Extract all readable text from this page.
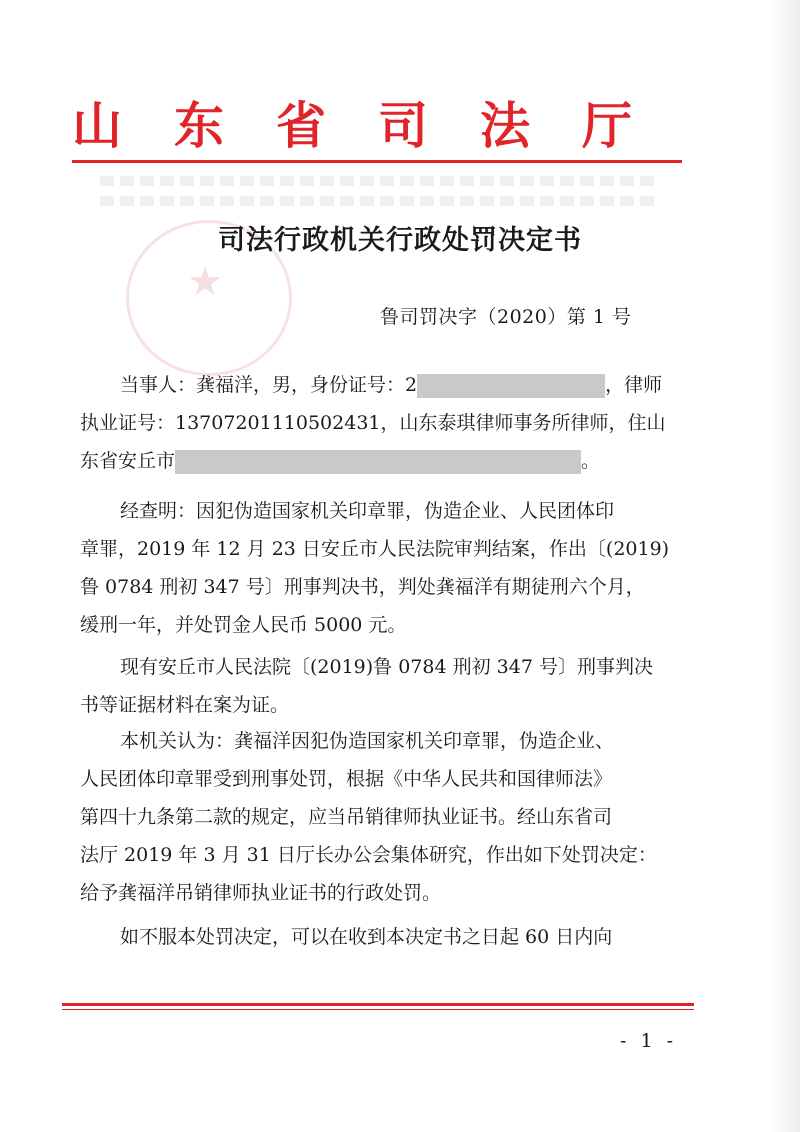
★
山 东 省 司 法 厅
司法行政机关行政处罚决定书
鲁司罚决字（2020）第 1 号
当事人：龚福洋，男，身份证号：2	，律师
执业证号：13707201110502431，山东泰琪律师事务所律师，住山
东省安丘市	。
经查明：因犯伪造国家机关印章罪，伪造企业、人民团体印
章罪，2019 年 12 月 23 日安丘市人民法院审判结案，作出〔(2019)
鲁 0784 刑初 347 号〕刑事判决书，判处龚福洋有期徒刑六个月，
缓刑一年，并处罚金人民币 5000 元。
现有安丘市人民法院〔(2019)鲁 0784 刑初 347 号〕刑事判决
书等证据材料在案为证。
本机关认为：龚福洋因犯伪造国家机关印章罪，伪造企业、
人民团体印章罪受到刑事处罚，根据《中华人民共和国律师法》
第四十九条第二款的规定，应当吊销律师执业证书。经山东省司
法厅 2019 年 3 月 31 日厅长办公会集体研究，作出如下处罚决定：
给予龚福洋吊销律师执业证书的行政处罚。
如不服本处罚决定，可以在收到本决定书之日起 60 日内向
- 1 -
